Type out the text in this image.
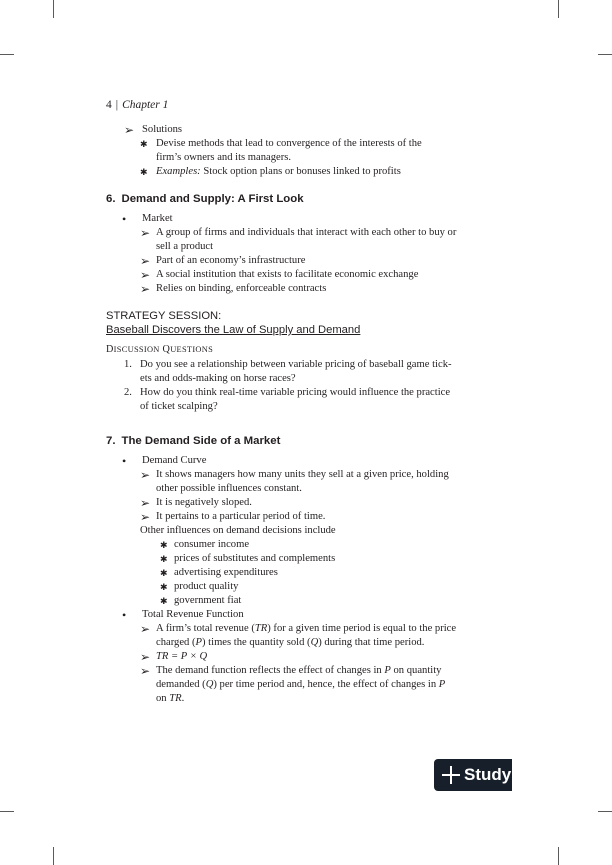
4 | Chapter 1
➢ Solutions
✱ Devise methods that lead to convergence of the interests of the
firm’s owners and its managers.
✱ Examples: Stock option plans or bonuses linked to profits
6. Demand and Supply: A First Look
• Market
➢ A group of firms and individuals that interact with each other to buy or
sell a product
➢ Part of an economy’s infrastructure
➢ A social institution that exists to facilitate economic exchange
➢ Relies on binding, enforceable contracts
STRATEGY SESSION:
Baseball Discovers the Law of Supply and Demand
DISCUSSION QUESTIONS
1. Do you see a relationship between variable pricing of baseball game tick-
ets and odds-making on horse races?
2. How do you think real-time variable pricing would influence the practice
of ticket scalping?
7. The Demand Side of a Market
• Demand Curve
➢ It shows managers how many units they sell at a given price, holding
other possible influences constant.
➢ It is negatively sloped.
➢ It pertains to a particular period of time.
Other influences on demand decisions include
✱ consumer income
✱ prices of substitutes and complements
✱ advertising expenditures
✱ product quality
✱ government fiat
• Total Revenue Function
➢ A firm’s total revenue (TR) for a given time period is equal to the price
charged (P) times the quantity sold (Q) during that time period.
➢ TR = P × Q
➢ The demand function reflects the effect of changes in P on quantity
demanded (Q) per time period and, hence, the effect of changes in P
on TR.
Study
